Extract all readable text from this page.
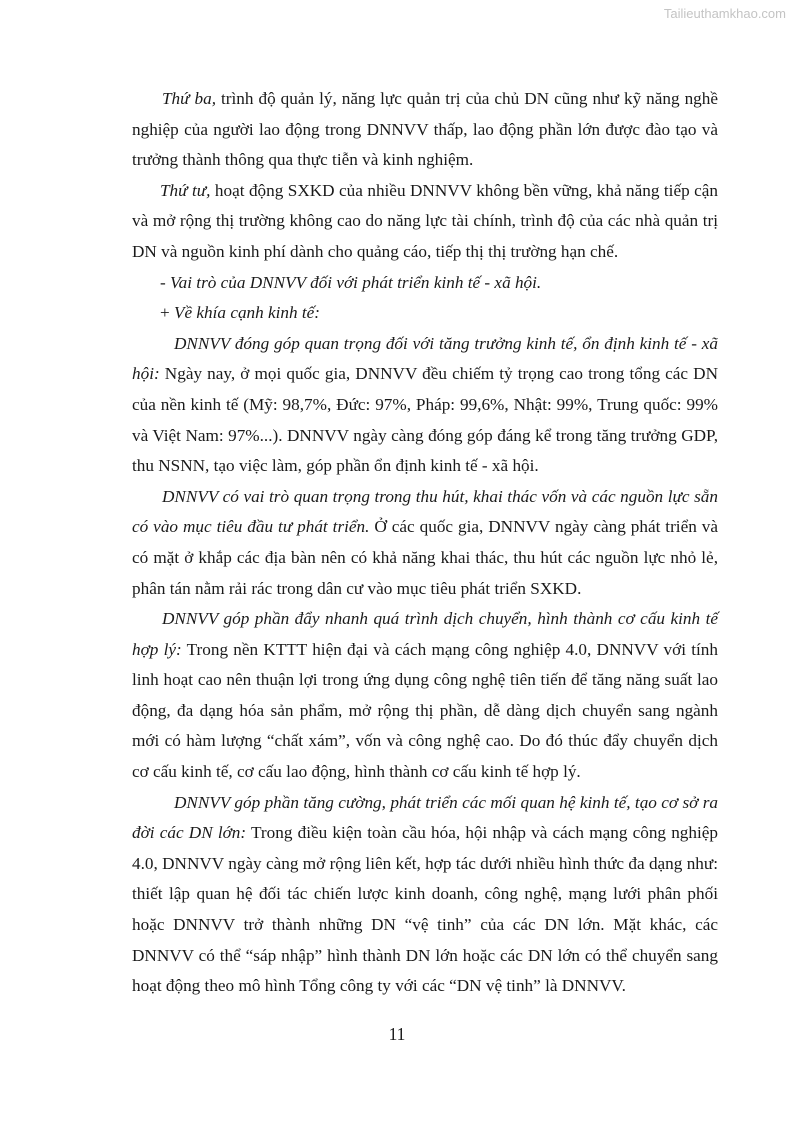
Tailieuthamkhao.com

Thứ ba, trình độ quản lý, năng lực quản trị của chủ DN cũng như kỹ năng nghề nghiệp của người lao động trong DNNVV thấp, lao động phần lớn được đào tạo và trưởng thành thông qua thực tiễn và kinh nghiệm.

Thứ tư, hoạt động SXKD của nhiều DNNVV không bền vững, khả năng tiếp cận và mở rộng thị trường không cao do năng lực tài chính, trình độ của các nhà quản trị DN và nguồn kinh phí dành cho quảng cáo, tiếp thị thị trường hạn chế.

- Vai trò của DNNVV đối với phát triển kinh tế - xã hội.

+ Về khía cạnh kinh tế:

DNNVV đóng góp quan trọng đối với tăng trưởng kinh tế, ổn định kinh tế - xã hội: Ngày nay, ở mọi quốc gia, DNNVV đều chiếm tỷ trọng cao trong tổng các DN của nền kinh tế (Mỹ: 98,7%, Đức: 97%, Pháp: 99,6%, Nhật: 99%, Trung quốc: 99% và Việt Nam: 97%...). DNNVV ngày càng đóng góp đáng kể trong tăng trưởng GDP, thu NSNN, tạo việc làm, góp phần ổn định kinh tế - xã hội.

DNNVV có vai trò quan trọng trong thu hút, khai thác vốn và các nguồn lực sẵn có vào mục tiêu đầu tư phát triển. Ở các quốc gia, DNNVV ngày càng phát triển và có mặt ở khắp các địa bàn nên có khả năng khai thác, thu hút các nguồn lực nhỏ lẻ, phân tán nằm rải rác trong dân cư vào mục tiêu phát triển SXKD.

DNNVV góp phần đẩy nhanh quá trình dịch chuyển, hình thành cơ cấu kinh tế hợp lý: Trong nền KTTT hiện đại và cách mạng công nghiệp 4.0, DNNVV với tính linh hoạt cao nên thuận lợi trong ứng dụng công nghệ tiên tiến để tăng năng suất lao động, đa dạng hóa sản phẩm, mở rộng thị phần, dễ dàng dịch chuyển sang ngành mới có hàm lượng “chất xám”, vốn và công nghệ cao. Do đó thúc đẩy chuyển dịch cơ cấu kinh tế, cơ cấu lao động, hình thành cơ cấu kinh tế hợp lý.

DNNVV góp phần tăng cường, phát triển các mối quan hệ kinh tế, tạo cơ sở ra đời các DN lớn: Trong điều kiện toàn cầu hóa, hội nhập và cách mạng công nghiệp 4.0, DNNVV ngày càng mở rộng liên kết, hợp tác dưới nhiều hình thức đa dạng như: thiết lập quan hệ đối tác chiến lược kinh doanh, công nghệ, mạng lưới phân phối hoặc DNNVV trở thành những DN “vệ tinh” của các DN lớn. Mặt khác, các DNNVV có thể “sáp nhập” hình thành DN lớn hoặc các DN lớn có thể chuyển sang hoạt động theo mô hình Tổng công ty với các “DN vệ tinh” là DNNVV.

11
